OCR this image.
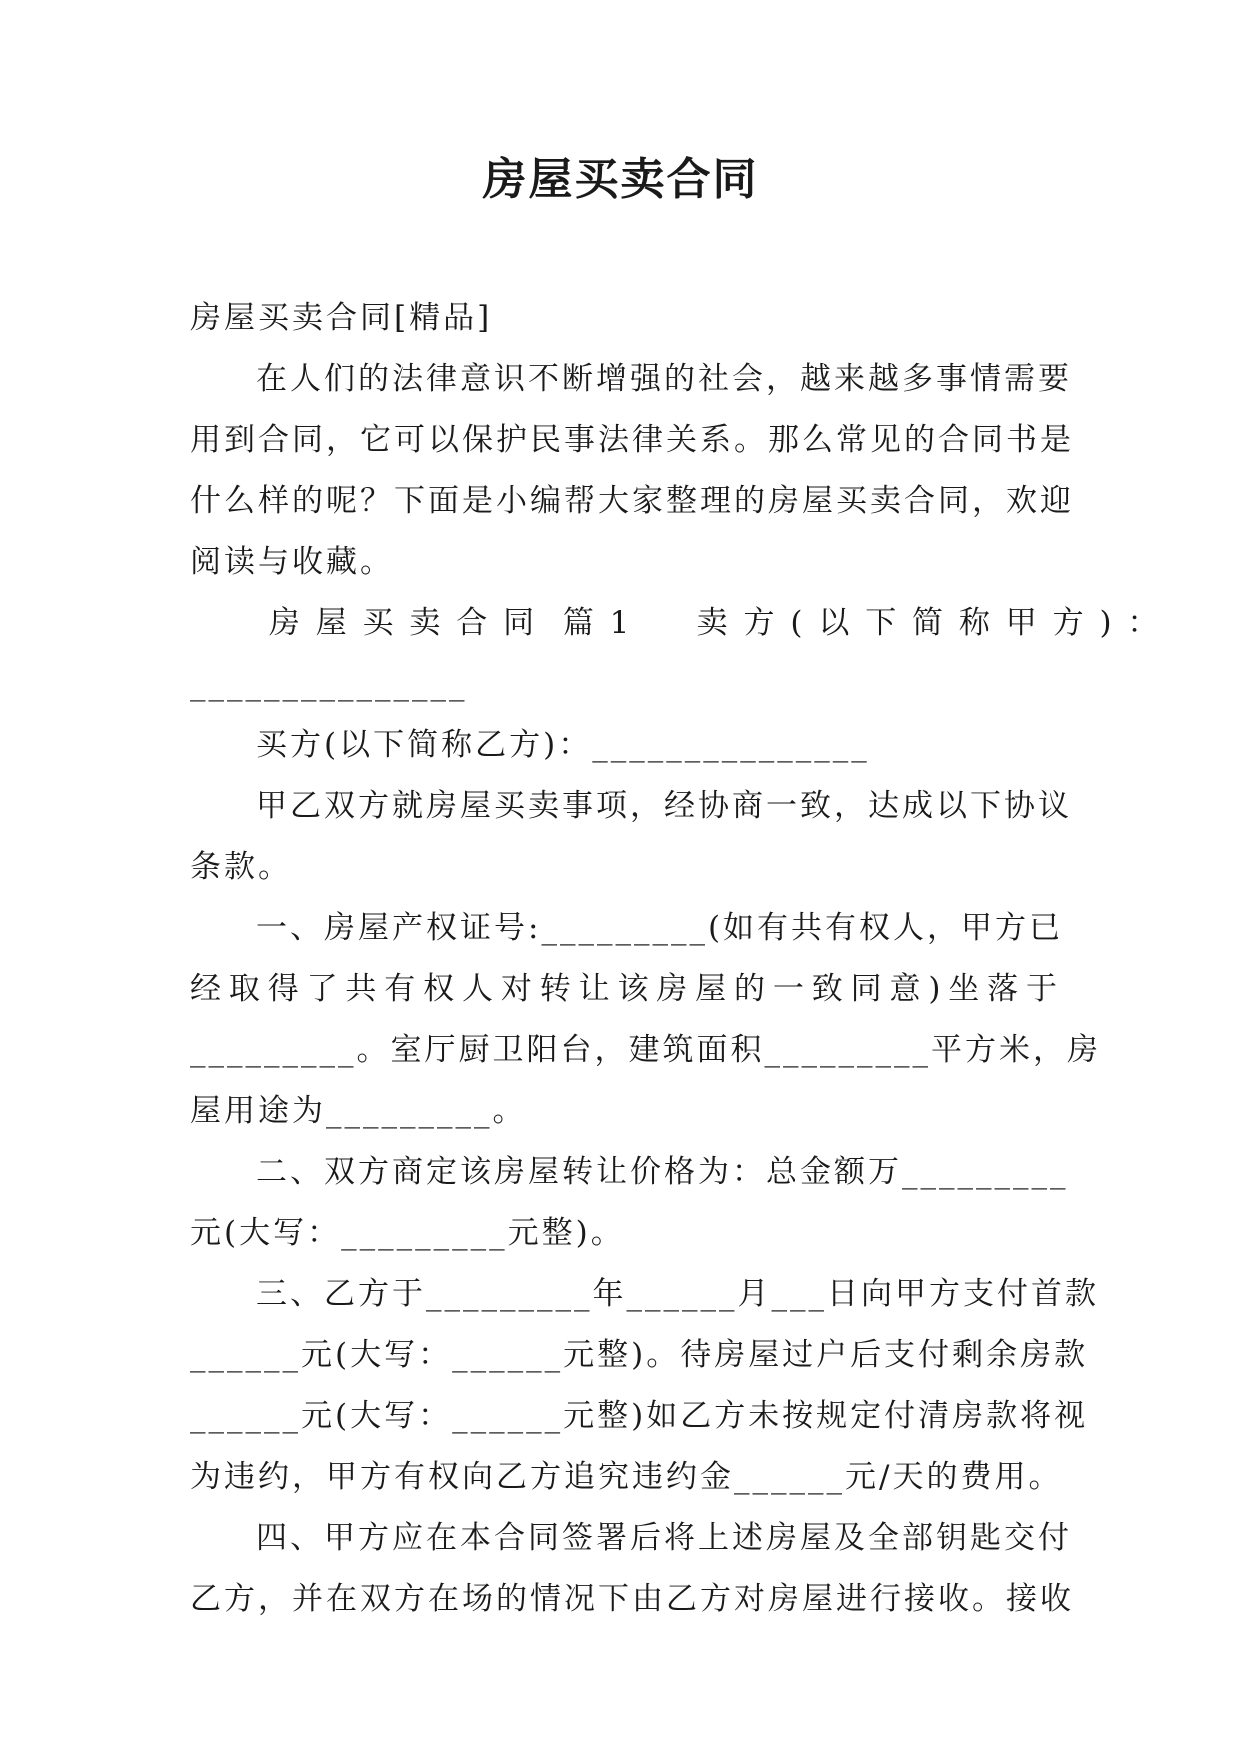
房屋买卖合同

房屋买卖合同[精品]

在人们的法律意识不断增强的社会，越来越多事情需要

用到合同，它可以保护民事法律关系。那么常见的合同书是

什么样的呢？下面是小编帮大家整理的房屋买卖合同，欢迎

阅读与收藏。

房 屋 买 卖 合 同  篇 1     卖 方 ( 以 下 简 称 甲 方 ) ：

_______________

买方(以下简称乙方)：_______________

甲乙双方就房屋买卖事项，经协商一致，达成以下协议

条款。

一、房屋产权证号:_________(如有共有权人，甲方已

经取得了共有权人对转让该房屋的一致同意)坐落于

_________。室厅厨卫阳台，建筑面积_________平方米，房

屋用途为_________。

二、双方商定该房屋转让价格为：总金额万_________

元(大写：_________元整)。

三、乙方于_________年______月___日向甲方支付首款

______元(大写：______元整)。待房屋过户后支付剩余房款

______元(大写：______元整)如乙方未按规定付清房款将视

为违约，甲方有权向乙方追究违约金______元/天的费用。

四、甲方应在本合同签署后将上述房屋及全部钥匙交付

乙方，并在双方在场的情况下由乙方对房屋进行接收。接收
